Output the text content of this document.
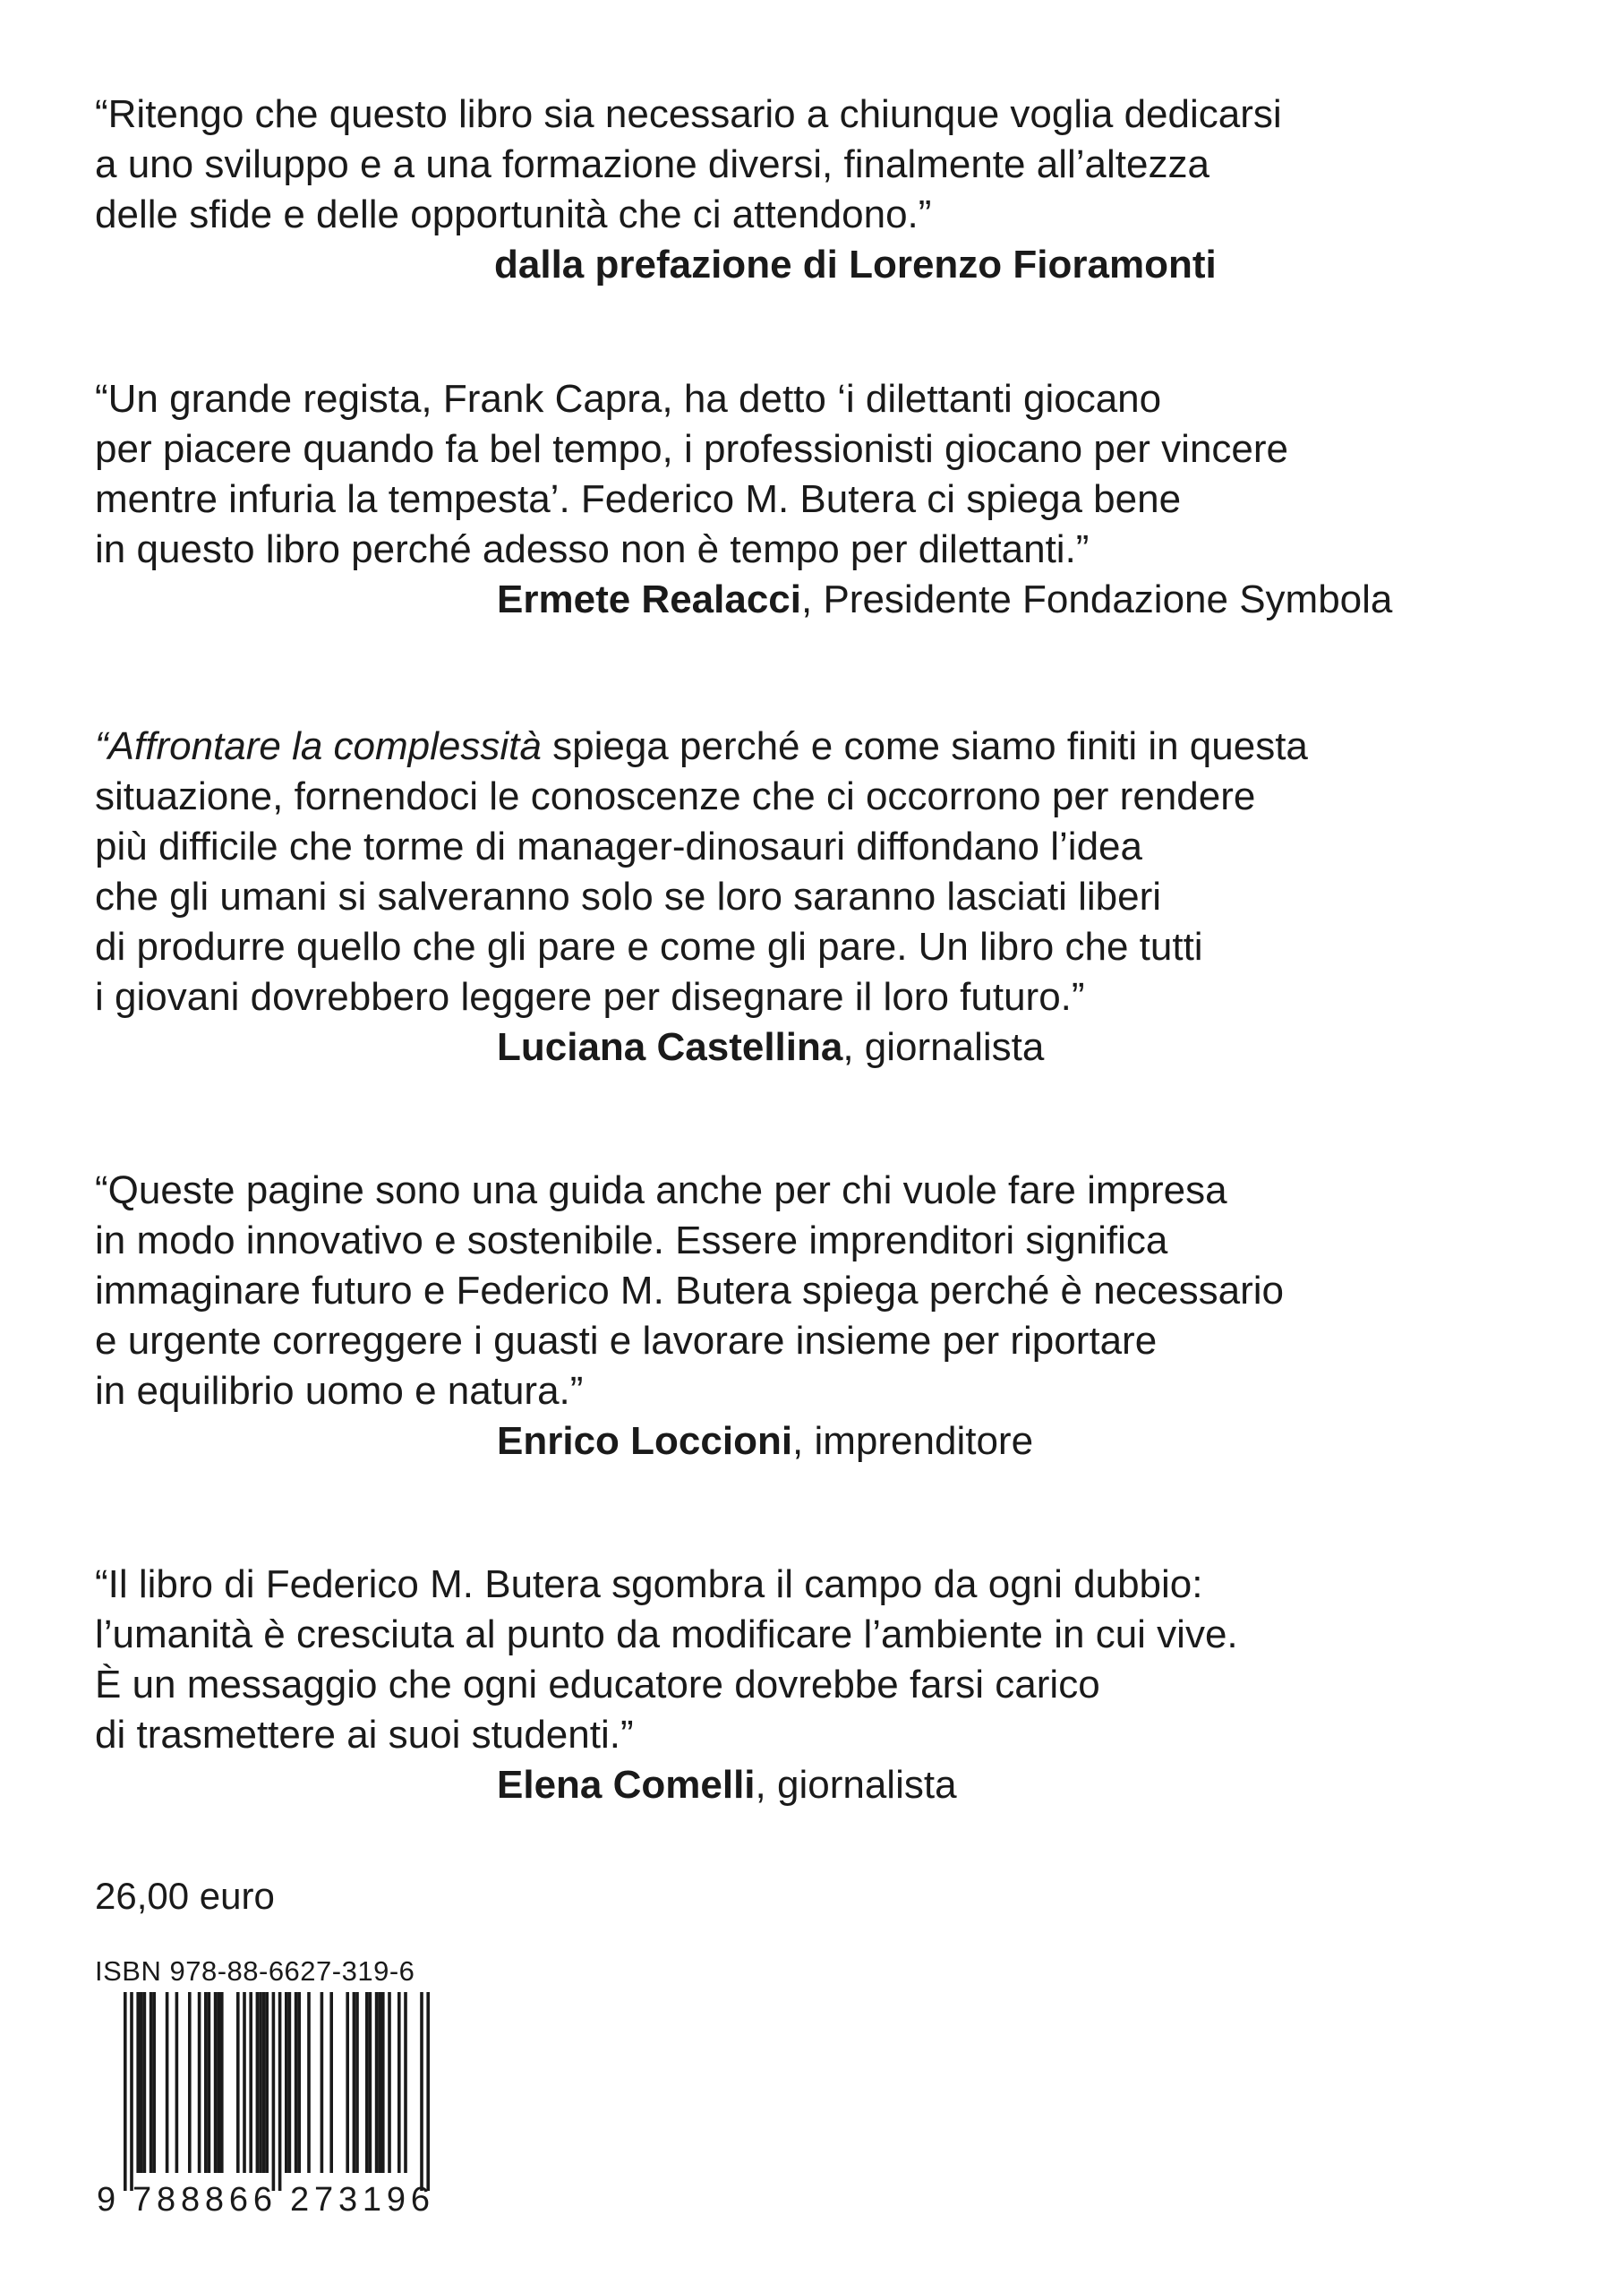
“Ritengo che questo libro sia necessario a chiunque voglia dedicarsi
a uno sviluppo e a una formazione diversi, finalmente all’altezza
delle sfide e delle opportunità che ci attendono.”

dalla prefazione di Lorenzo Fioramonti

“Un grande regista, Frank Capra, ha detto ‘i dilettanti giocano
per piacere quando fa bel tempo, i professionisti giocano per vincere
mentre infuria la tempesta’. Federico M. Butera ci spiega bene
in questo libro perché adesso non è tempo per dilettanti.”

Ermete Realacci, Presidente Fondazione Symbola

“Affrontare la complessità spiega perché e come siamo finiti in questa
situazione, fornendoci le conoscenze che ci occorrono per rendere
più difficile che torme di manager-dinosauri diffondano l’idea
che gli umani si salveranno solo se loro saranno lasciati liberi
di produrre quello che gli pare e come gli pare. Un libro che tutti
i giovani dovrebbero leggere per disegnare il loro futuro.”

Luciana Castellina, giornalista

“Queste pagine sono una guida anche per chi vuole fare impresa
in modo innovativo e sostenibile. Essere imprenditori significa
immaginare futuro e Federico M. Butera spiega perché è necessario
e urgente correggere i guasti e lavorare insieme per riportare
in equilibrio uomo e natura.”

Enrico Loccioni, imprenditore

“Il libro di Federico M. Butera sgombra il campo da ogni dubbio:
l’umanità è cresciuta al punto da modificare l’ambiente in cui vive.
È un messaggio che ogni educatore dovrebbe farsi carico
di trasmettere ai suoi studenti.”

Elena Comelli, giornalista

26,00 euro

ISBN 978-88-6627-319-6

9 788866 273196
